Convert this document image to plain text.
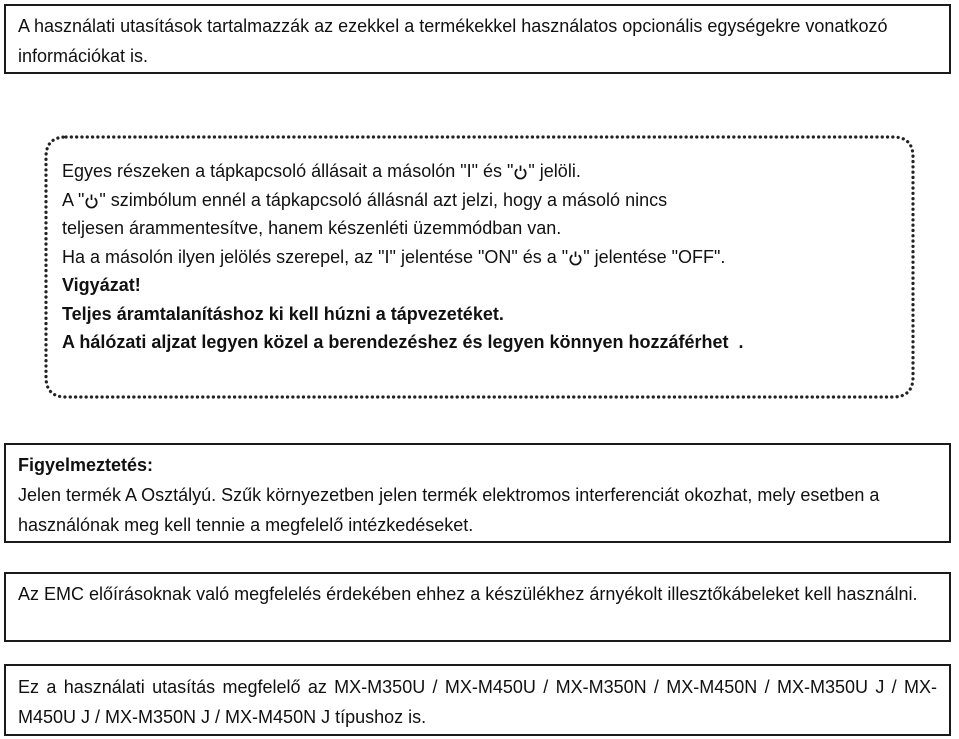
A használati utasítások tartalmazzák az ezekkel a termékekkel használatos opcionális egységekre vonatkozó információkat is.
Egyes részeken a tápkapcsoló állásait a másolón "I" és " " jelöli.
A " " szimbólum ennél a tápkapcsoló állásnál azt jelzi, hogy a másoló nincs
teljesen árammentesítve, hanem készenléti üzemmódban van.
Ha a másolón ilyen jelölés szerepel, az "I" jelentése "ON" és a " " jelentése "OFF".
Vigyázat!
Teljes áramtalanításhoz ki kell húzni a tápvezetéket.
A hálózati aljzat legyen közel a berendezéshez és legyen könnyen hozzáférhet .
Figyelmeztetés:
Jelen termék A Osztályú. Szűk környezetben jelen termék elektromos interferenciát okozhat, mely esetben a használónak meg kell tennie a megfelelő intézkedéseket.
Az EMC előírásoknak való megfelelés érdekében ehhez a készülékhez árnyékolt illesztőkábeleket kell használni.
Ez a használati utasítás megfelelő az MX-M350U / MX-M450U / MX-M350N / MX-M450N / MX-M350U J / MX-M450U J / MX-M350N J / MX-M450N J típushoz is.
